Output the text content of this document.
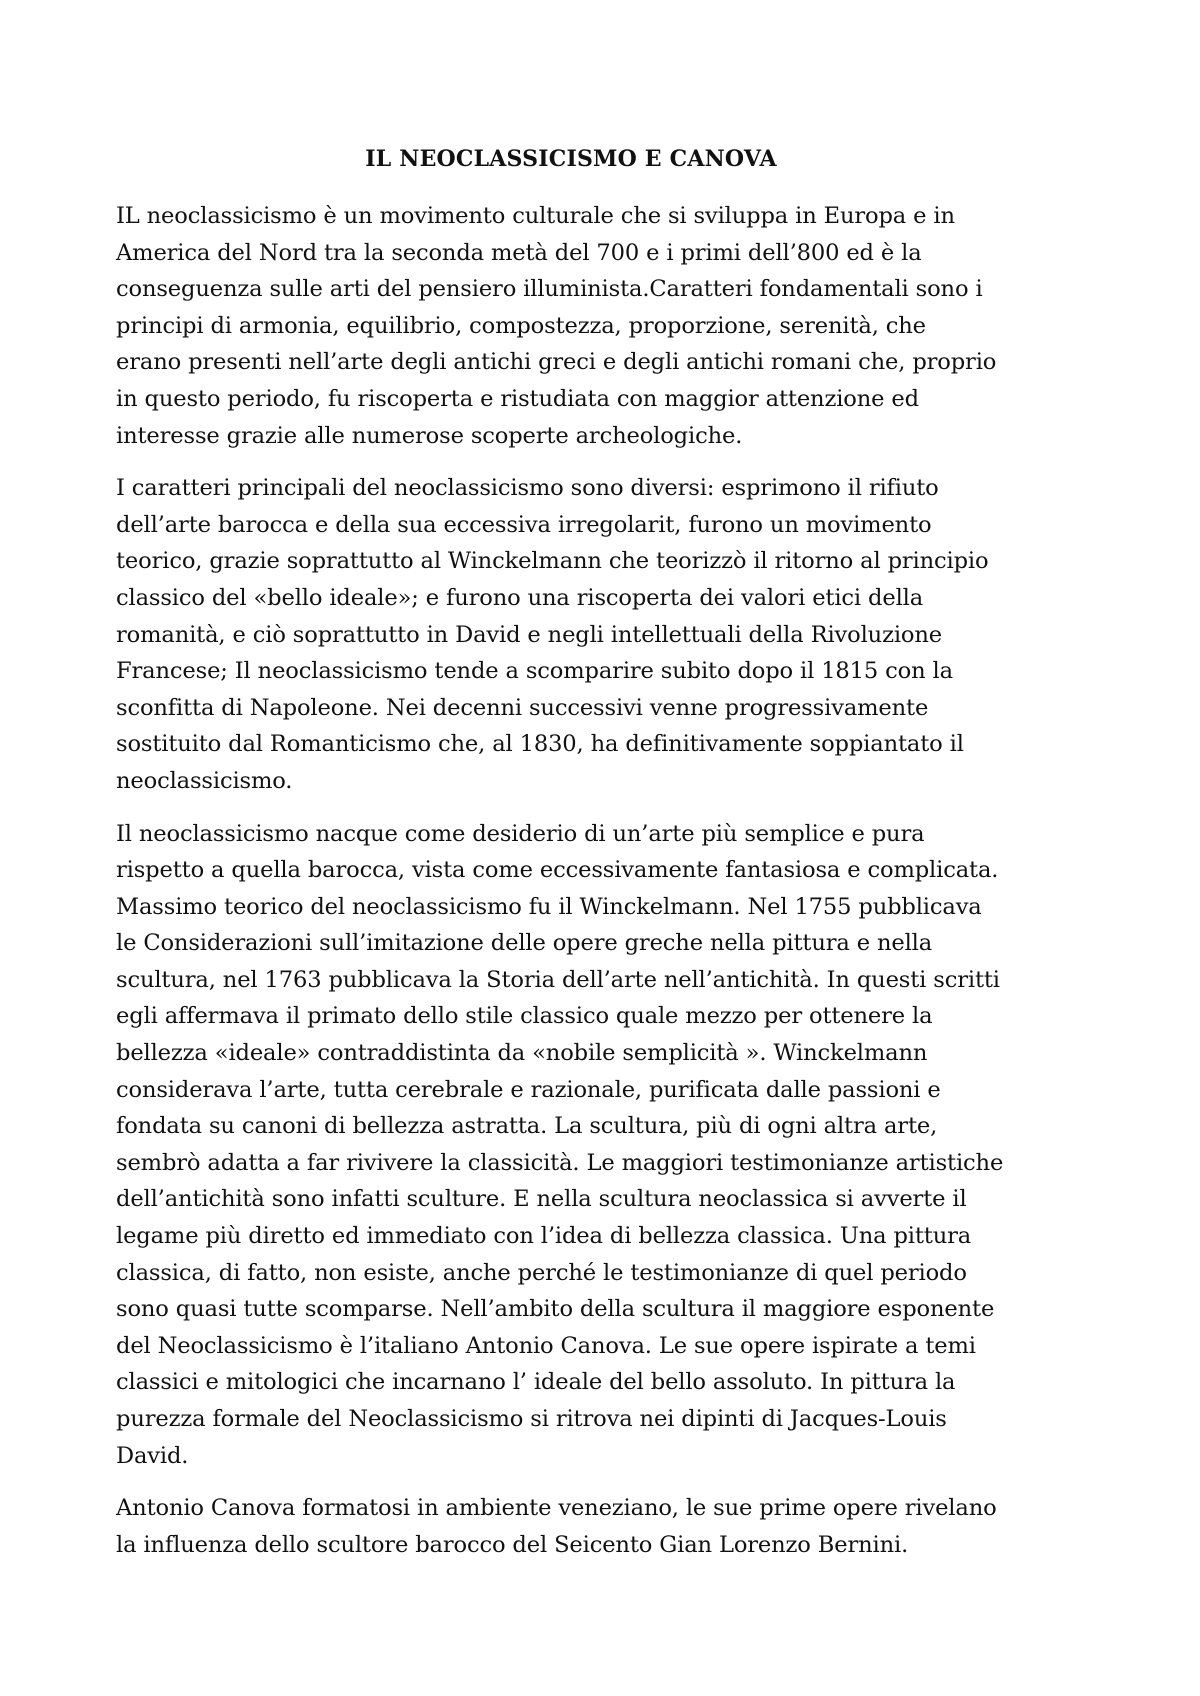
IL NEOCLASSICISMO E CANOVA

IL neoclassicismo è un movimento culturale che si sviluppa in Europa e in
America del Nord tra la seconda metà del 700 e i primi dell’800 ed è la
conseguenza sulle arti del pensiero illuminista.Caratteri fondamentali sono i
principi di armonia, equilibrio, compostezza, proporzione, serenità, che
erano presenti nell’arte degli antichi greci e degli antichi romani che, proprio
in questo periodo, fu riscoperta e ristudiata con maggior attenzione ed
interesse grazie alle numerose scoperte archeologiche.

I caratteri principali del neoclassicismo sono diversi: esprimono il rifiuto
dell’arte barocca e della sua eccessiva irregolarit, furono un movimento
teorico, grazie soprattutto al Winckelmann che teorizzò il ritorno al principio
classico del «bello ideale»; e furono una riscoperta dei valori etici della
romanità, e ciò soprattutto in David e negli intellettuali della Rivoluzione
Francese; Il neoclassicismo tende a scomparire subito dopo il 1815 con la
sconfitta di Napoleone. Nei decenni successivi venne progressivamente
sostituito dal Romanticismo che, al 1830, ha definitivamente soppiantato il
neoclassicismo.

Il neoclassicismo nacque come desiderio di un’arte più semplice e pura
rispetto a quella barocca, vista come eccessivamente fantasiosa e complicata.
Massimo teorico del neoclassicismo fu il Winckelmann. Nel 1755 pubblicava
le Considerazioni sull’imitazione delle opere greche nella pittura e nella
scultura, nel 1763 pubblicava la Storia dell’arte nell’antichità. In questi scritti
egli affermava il primato dello stile classico quale mezzo per ottenere la
bellezza «ideale» contraddistinta da «nobile semplicità ». Winckelmann
considerava l’arte, tutta cerebrale e razionale, purificata dalle passioni e
fondata su canoni di bellezza astratta. La scultura, più di ogni altra arte,
sembrò adatta a far rivivere la classicità. Le maggiori testimonianze artistiche
dell’antichità sono infatti sculture. E nella scultura neoclassica si avverte il
legame più diretto ed immediato con l’idea di bellezza classica. Una pittura
classica, di fatto, non esiste, anche perché le testimonianze di quel periodo
sono quasi tutte scomparse. Nell’ambito della scultura il maggiore esponente
del Neoclassicismo è l’italiano Antonio Canova. Le sue opere ispirate a temi
classici e mitologici che incarnano l’ ideale del bello assoluto. In pittura la
purezza formale del Neoclassicismo si ritrova nei dipinti di Jacques-Louis
David.

Antonio Canova formatosi in ambiente veneziano, le sue prime opere rivelano
la influenza dello scultore barocco del Seicento Gian Lorenzo Bernini.
